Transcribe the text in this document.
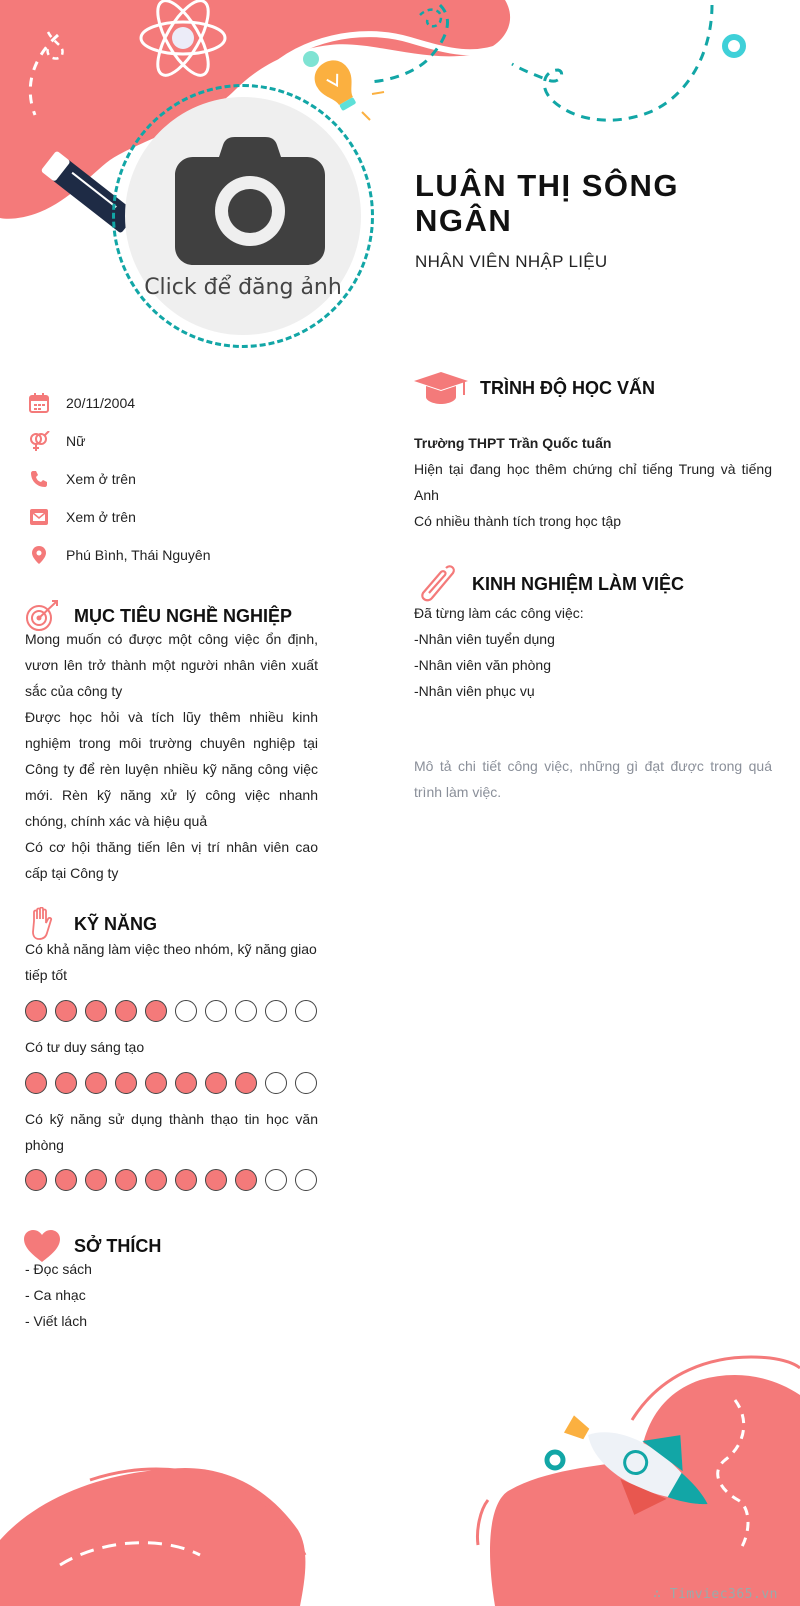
Click để đăng ảnh
LUÂN THỊ SÔNG NGÂN
NHÂN VIÊN NHẬP LIỆU
20/11/2004
Nữ
Xem ở trên
Xem ở trên
Phú Bình, Thái Nguyên
MỤC TIÊU NGHỀ NGHIỆP

Mong muốn có được một công việc ổn định, vươn lên trở thành một người nhân viên xuất sắc của công ty

Được học hỏi và tích lũy thêm nhiều kinh nghiệm trong môi trường chuyên nghiệp tại Công ty để rèn luyện nhiều kỹ năng công việc mới. Rèn kỹ năng xử lý công việc nhanh chóng, chính xác và hiệu quả

Có cơ hội thăng tiến lên vị trí nhân viên cao cấp tại Công ty

KỸ NĂNG
Có khả năng làm việc theo nhóm, kỹ năng giao tiếp tốt
Có tư duy sáng tạo
Có kỹ năng sử dụng thành thạo tin học văn phòng
SỞ THÍCH
- Đọc sách
- Ca nhạc
- Viết lách
TRÌNH ĐỘ HỌC VẤN
Trường THPT Trần Quốc tuấn
Hiện tại đang học thêm chứng chỉ tiếng Trung và tiếng Anh
Có nhiều thành tích trong học tập
KINH NGHIỆM LÀM VIỆC
Đã từng làm các công việc:
-Nhân viên tuyển dụng
-Nhân viên văn phòng
-Nhân viên phục vụ
Mô tả chi tiết công việc, những gì đạt được trong quá trình làm việc.
∴ Timviec365.vn
